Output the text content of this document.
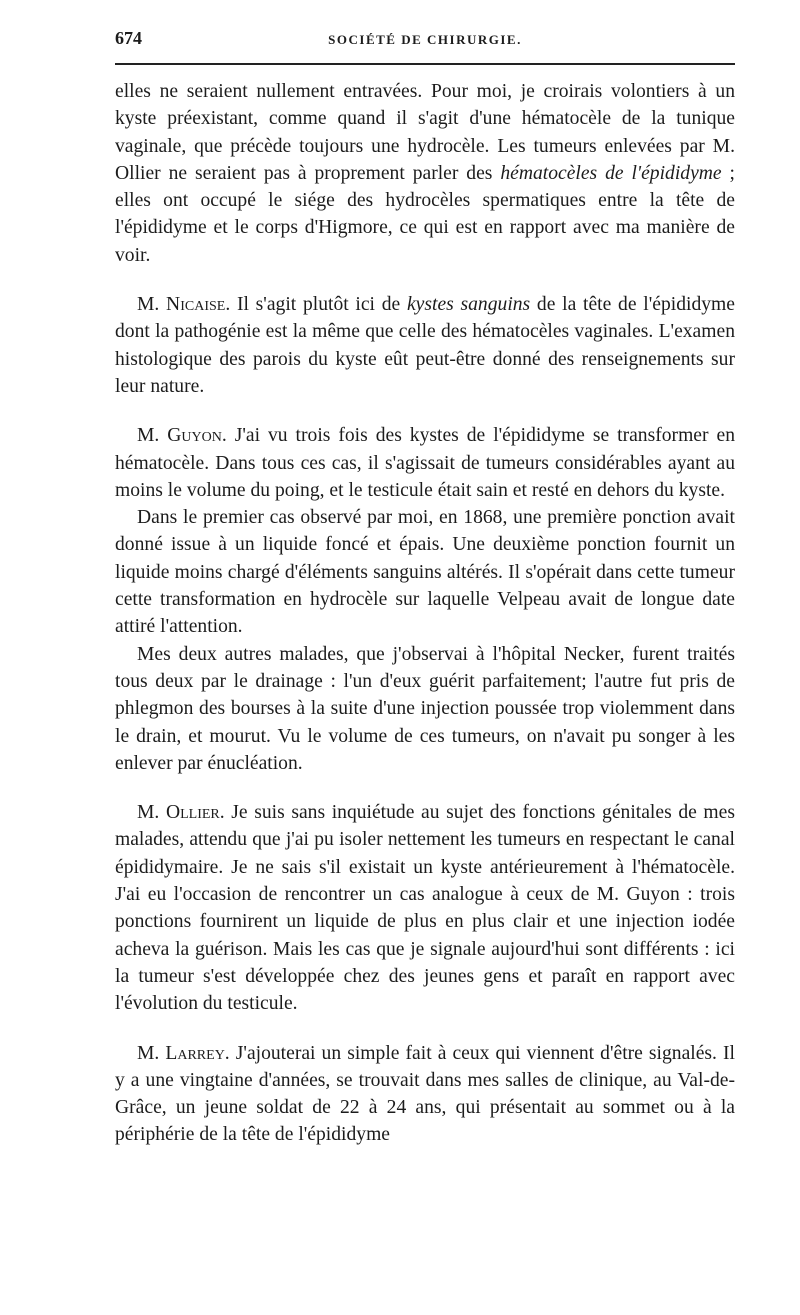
674	SOCIÉTÉ DE CHIRURGIE.

elles ne seraient nullement entravées. Pour moi, je croirais volontiers à un kyste préexistant, comme quand il s'agit d'une hématocèle de la tunique vaginale, que précède toujours une hydrocèle. Les tumeurs enlevées par M. Ollier ne seraient pas à proprement parler des hématocèles de l'épididyme ; elles ont occupé le siége des hydrocèles spermatiques entre la tête de l'épididyme et le corps d'Higmore, ce qui est en rapport avec ma manière de voir.

M. Nicaise. Il s'agit plutôt ici de kystes sanguins de la tête de l'épididyme dont la pathogénie est la même que celle des hématocèles vaginales. L'examen histologique des parois du kyste eût peut-être donné des renseignements sur leur nature.

M. Guyon. J'ai vu trois fois des kystes de l'épididyme se transformer en hématocèle. Dans tous ces cas, il s'agissait de tumeurs considérables ayant au moins le volume du poing, et le testicule était sain et resté en dehors du kyste.

Dans le premier cas observé par moi, en 1868, une première ponction avait donné issue à un liquide foncé et épais. Une deuxième ponction fournit un liquide moins chargé d'éléments sanguins altérés. Il s'opérait dans cette tumeur cette transformation en hydrocèle sur laquelle Velpeau avait de longue date attiré l'attention.

Mes deux autres malades, que j'observai à l'hôpital Necker, furent traités tous deux par le drainage : l'un d'eux guérit parfaitement; l'autre fut pris de phlegmon des bourses à la suite d'une injection poussée trop violemment dans le drain, et mourut. Vu le volume de ces tumeurs, on n'avait pu songer à les enlever par énucléation.

M. Ollier. Je suis sans inquiétude au sujet des fonctions génitales de mes malades, attendu que j'ai pu isoler nettement les tumeurs en respectant le canal épididymaire. Je ne sais s'il existait un kyste antérieurement à l'hématocèle. J'ai eu l'occasion de rencontrer un cas analogue à ceux de M. Guyon : trois ponctions fournirent un liquide de plus en plus clair et une injection iodée acheva la guérison. Mais les cas que je signale aujourd'hui sont différents : ici la tumeur s'est développée chez des jeunes gens et paraît en rapport avec l'évolution du testicule.

M. Larrey. J'ajouterai un simple fait à ceux qui viennent d'être signalés. Il y a une vingtaine d'années, se trouvait dans mes salles de clinique, au Val-de-Grâce, un jeune soldat de 22 à 24 ans, qui présentait au sommet ou à la périphérie de la tête de l'épididyme
